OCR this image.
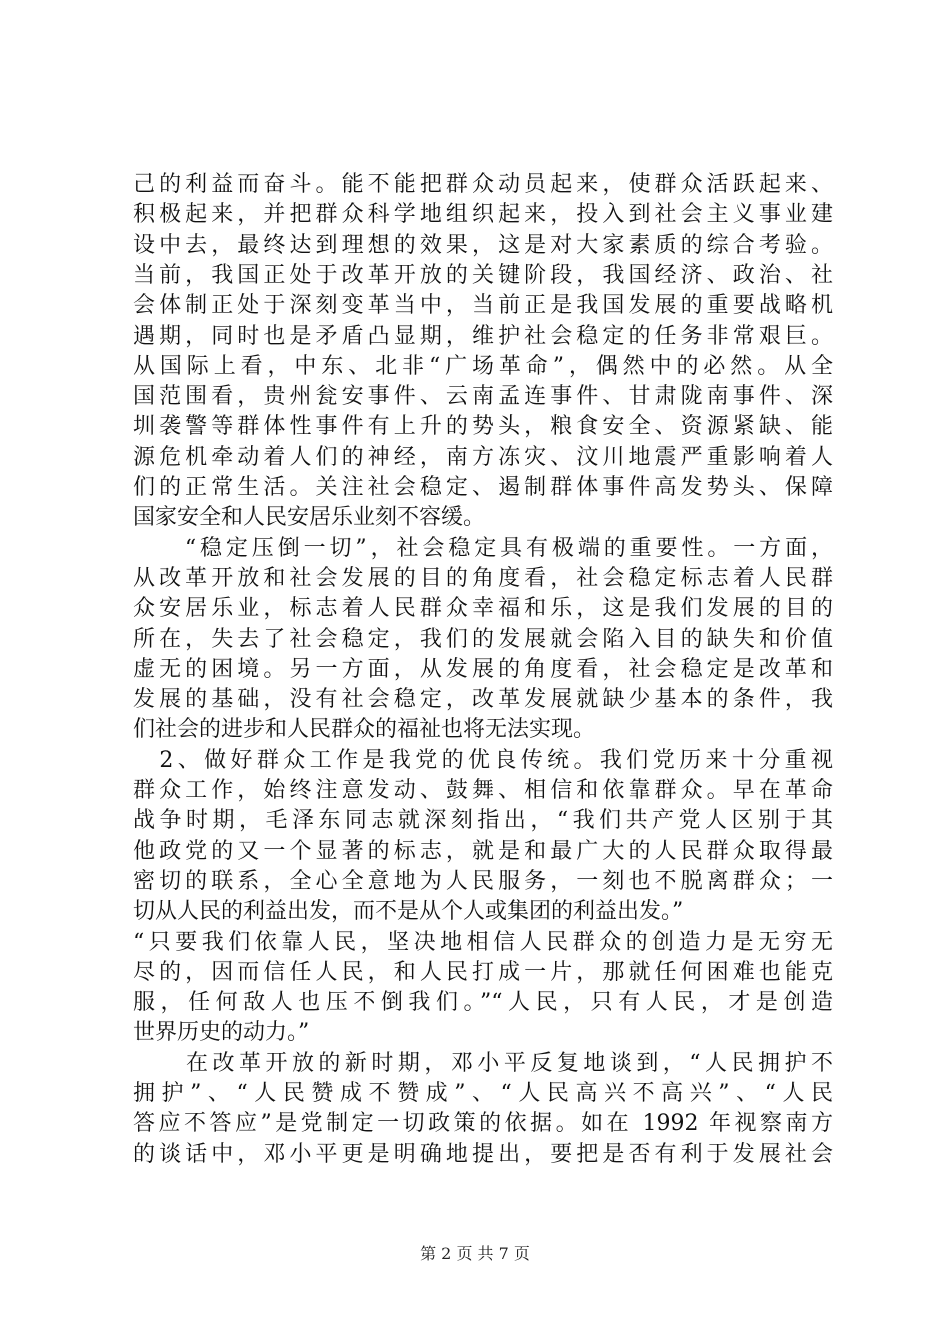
己的利益而奋斗。能不能把群众动员起来，使群众活跃起来、
积极起来，并把群众科学地组织起来，投入到社会主义事业建
设中去，最终达到理想的效果，这是对大家素质的综合考验。
当前，我国正处于改革开放的关键阶段，我国经济、政治、社
会体制正处于深刻变革当中，当前正是我国发展的重要战略机
遇期，同时也是矛盾凸显期，维护社会稳定的任务非常艰巨。
从国际上看，中东、北非“广场革命”，偶然中的必然。从全
国范围看，贵州瓮安事件、云南孟连事件、甘肃陇南事件、深
圳袭警等群体性事件有上升的势头，粮食安全、资源紧缺、能
源危机牵动着人们的神经，南方冻灾、汶川地震严重影响着人
们的正常生活。关注社会稳定、遏制群体事件高发势头、保障
国家安全和人民安居乐业刻不容缓。
　　“稳定压倒一切”，社会稳定具有极端的重要性。一方面，
从改革开放和社会发展的目的角度看，社会稳定标志着人民群
众安居乐业，标志着人民群众幸福和乐，这是我们发展的目的
所在，失去了社会稳定，我们的发展就会陷入目的缺失和价值
虚无的困境。另一方面，从发展的角度看，社会稳定是改革和
发展的基础，没有社会稳定，改革发展就缺少基本的条件，我
们社会的进步和人民群众的福祉也将无法实现。
　2、做好群众工作是我党的优良传统。我们党历来十分重视
群众工作，始终注意发动、鼓舞、相信和依靠群众。早在革命
战争时期，毛泽东同志就深刻指出，“我们共产党人区别于其
他政党的又一个显著的标志，就是和最广大的人民群众取得最
密切的联系，全心全意地为人民服务，一刻也不脱离群众；一
切从人民的利益出发，而不是从个人或集团的利益出发。”
“只要我们依靠人民，坚决地相信人民群众的创造力是无穷无
尽的，因而信任人民，和人民打成一片，那就任何困难也能克
服，任何敌人也压不倒我们。”“人民，只有人民，才是创造
世界历史的动力。”
　　在改革开放的新时期，邓小平反复地谈到，“人民拥护不
拥护”、“人民赞成不赞成”、“人民高兴不高兴”、“人民
答应不答应”是党制定一切政策的依据。如在 1992 年视察南方
的谈话中，邓小平更是明确地提出，要把是否有利于发展社会
第 2 页 共 7 页
